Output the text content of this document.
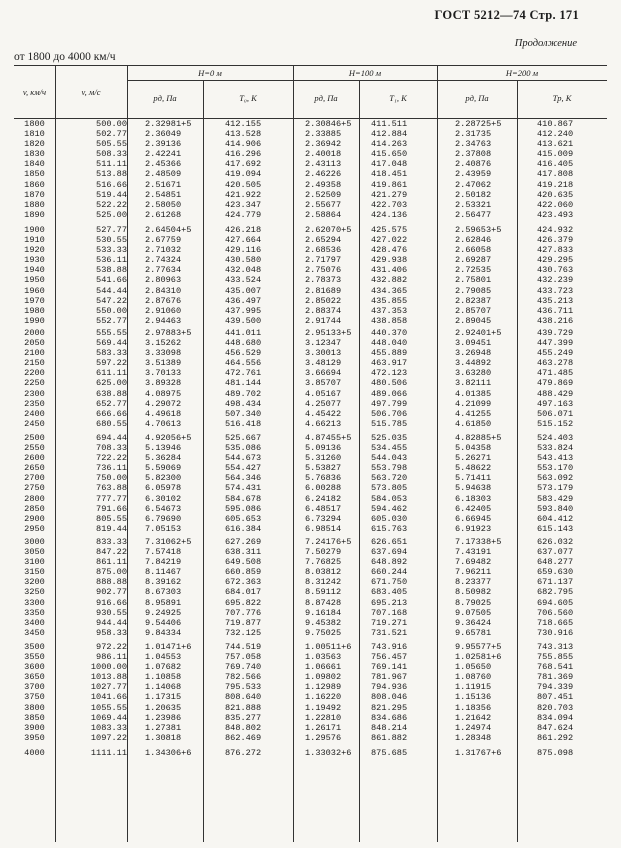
ГОСТ 5212—74 Стр. 171
Продолжение
от 1800 до 4000 км/ч
v, км/ч	v, м/с
H=0 м	H=100 м	H=200 м
pд, Па	T₀, К	pд, Па	T₁, К	pд, Па	Tр, К
1800	500.00	2.32981+5	412.155	2.30846+5	411.511	2.28725+5	410.867
1810	502.77	2.36049	413.528	2.33885	412.884	2.31735	412.240
1820	505.55	2.39136	414.906	2.36942	414.263	2.34763	413.621
1830	508.33	2.42241	416.296	2.40018	415.650	2.37808	415.009
1840	511.11	2.45366	417.692	2.43113	417.048	2.40876	416.405
1850	513.88	2.48509	419.094	2.46226	418.451	2.43959	417.808
1860	516.66	2.51671	420.505	2.49358	419.861	2.47062	419.218
1870	519.44	2.54851	421.922	2.52509	421.279	2.50182	420.635
1880	522.22	2.58050	423.347	2.55677	422.703	2.53321	422.060
1890	525.00	2.61268	424.779	2.58864	424.136	2.56477	423.493
1900	527.77	2.64504+5	426.218	2.62070+5	425.575	2.59653+5	424.932
1910	530.55	2.67759	427.664	2.65294	427.022	2.62846	426.379
1920	533.33	2.71032	429.116	2.68536	428.476	2.66058	427.833
1930	536.11	2.74324	430.580	2.71797	429.938	2.69287	429.295
1940	538.88	2.77634	432.048	2.75076	431.406	2.72535	430.763
1950	541.66	2.80963	433.524	2.78373	432.882	2.75801	432.239
1960	544.44	2.84310	435.007	2.81689	434.365	2.79085	433.723
1970	547.22	2.87676	436.497	2.85022	435.855	2.82387	435.213
1980	550.00	2.91060	437.995	2.88374	437.353	2.85707	436.711
1990	552.77	2.94463	439.500	2.91744	438.858	2.89045	438.216
2000	555.55	2.97883+5	441.011	2.95133+5	440.370	2.92401+5	439.729
2050	569.44	3.15262	448.680	3.12347	448.040	3.09451	447.399
2100	583.33	3.33098	456.529	3.30013	455.889	3.26948	455.249
2150	597.22	3.51389	464.556	3.48129	463.917	3.44892	463.278
2200	611.11	3.70133	472.761	3.66694	472.123	3.63280	471.485
2250	625.00	3.89328	481.144	3.85707	480.506	3.82111	479.869
2300	638.88	4.08975	489.702	4.05167	489.066	4.01385	488.429
2350	652.77	4.29072	498.434	4.25077	497.799	4.21099	497.163
2400	666.66	4.49618	507.340	4.45422	506.706	4.41255	506.071
2450	680.55	4.70613	516.418	4.66213	515.785	4.61850	515.152
2500	694.44	4.92056+5	525.667	4.87455+5	525.035	4.82885+5	524.403
2550	708.33	5.13946	535.086	5.09136	534.455	5.04358	533.824
2600	722.22	5.36284	544.673	5.31260	544.043	5.26271	543.413
2650	736.11	5.59069	554.427	5.53827	553.798	5.48622	553.170
2700	750.00	5.82300	564.346	5.76836	563.720	5.71411	563.092
2750	763.88	6.05978	574.431	6.00288	573.805	5.94638	573.179
2800	777.77	6.30102	584.678	6.24182	584.053	6.18303	583.429
2850	791.66	6.54673	595.086	6.48517	594.462	6.42405	593.840
2900	805.55	6.79690	605.653	6.73294	605.030	6.66945	604.412
2950	819.44	7.05153	616.384	6.98514	615.763	6.91923	615.143
3000	833.33	7.31062+5	627.269	7.24176+5	626.651	7.17338+5	626.032
3050	847.22	7.57418	638.311	7.50279	637.694	7.43191	637.077
3100	861.11	7.84219	649.508	7.76825	648.892	7.69482	648.277
3150	875.00	8.11467	660.859	8.03812	660.244	7.96211	659.630
3200	888.88	8.39162	672.363	8.31242	671.750	8.23377	671.137
3250	902.77	8.67303	684.017	8.59112	683.405	8.50982	682.795
3300	916.66	8.95891	695.822	8.87428	695.213	8.79025	694.605
3350	930.55	9.24925	707.776	9.16184	707.168	9.07505	706.560
3400	944.44	9.54406	719.877	9.45382	719.271	9.36424	718.665
3450	958.33	9.84334	732.125	9.75025	731.521	9.65781	730.916
3500	972.22	1.01471+6	744.519	1.00511+6	743.916	9.95577+5	743.313
3550	986.11	1.04553	757.058	1.03563	756.457	1.02581+6	755.855
3600	1000.00	1.07682	769.740	1.06661	769.141	1.05650	768.541
3650	1013.88	1.10858	782.566	1.09802	781.967	1.08760	781.369
3700	1027.77	1.14068	795.533	1.12989	794.936	1.11915	794.339
3750	1041.66	1.17315	808.640	1.16220	808.046	1.15136	807.451
3800	1055.55	1.20635	821.888	1.19492	821.295	1.18356	820.703
3850	1069.44	1.23986	835.277	1.22810	834.686	1.21642	834.094
3900	1083.33	1.27381	848.802	1.26171	848.214	1.24974	847.624
3950	1097.22	1.30818	862.469	1.29576	861.882	1.28348	861.292
4000	1111.11	1.34306+6	876.272	1.33032+6	875.685	1.31767+6	875.098
